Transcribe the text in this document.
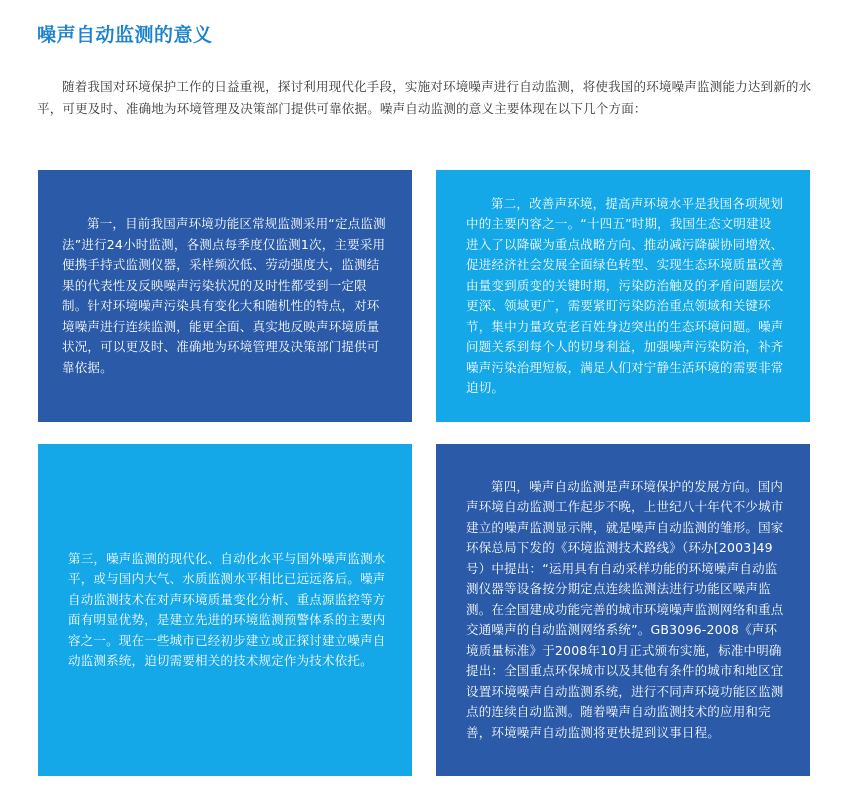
噪声自动监测的意义

随着我国对环境保护工作的日益重视，探讨利用现代化手段，实施对环境噪声进行自动监测，将使我国的环境噪声监测能力达到新的水平，可更及时、准确地为环境管理及决策部门提供可靠依据。噪声自动监测的意义主要体现在以下几个方面：

第一，目前我国声环境功能区常规监测采用“定点监测法”进行24小时监测，各测点每季度仅监测1次，主要采用便携手持式监测仪器，采样频次低、劳动强度大，监测结果的代表性及反映噪声污染状况的及时性都受到一定限制。针对环境噪声污染具有变化大和随机性的特点，对环境噪声进行连续监测，能更全面、真实地反映声环境质量状况，可以更及时、准确地为环境管理及决策部门提供可靠依据。

第二，改善声环境，提高声环境水平是我国各项规划中的主要内容之一。“十四五”时期，我国生态文明建设进入了以降碳为重点战略方向、推动减污降碳协同增效、促进经济社会发展全面绿色转型、实现生态环境质量改善由量变到质变的关键时期，污染防治触及的矛盾问题层次更深、领域更广，需要紧盯污染防治重点领域和关键环节，集中力量攻克老百姓身边突出的生态环境问题。噪声问题关系到每个人的切身利益，加强噪声污染防治，补齐噪声污染治理短板，满足人们对宁静生活环境的需要非常迫切。

第三，噪声监测的现代化、自动化水平与国外噪声监测水平，或与国内大气、水质监测水平相比已远远落后。噪声自动监测技术在对声环境质量变化分析、重点源监控等方面有明显优势，是建立先进的环境监测预警体系的主要内容之一。现在一些城市已经初步建立或正探讨建立噪声自动监测系统，迫切需要相关的技术规定作为技术依托。

第四，噪声自动监测是声环境保护的发展方向。国内声环境自动监测工作起步不晚，上世纪八十年代不少城市建立的噪声监测显示牌，就是噪声自动监测的雏形。国家环保总局下发的《环境监测技术路线》（环办[2003]49号）中提出：“运用具有自动采样功能的环境噪声自动监测仪器等设备按分期定点连续监测法进行功能区噪声监测。在全国建成功能完善的城市环境噪声监测网络和重点交通噪声的自动监测网络系统”。GB3096-2008《声环境质量标准》于2008年10月正式颁布实施，标准中明确提出：全国重点环保城市以及其他有条件的城市和地区宜设置环境噪声自动监测系统，进行不同声环境功能区监测点的连续自动监测。随着噪声自动监测技术的应用和完善，环境噪声自动监测将更快提到议事日程。
